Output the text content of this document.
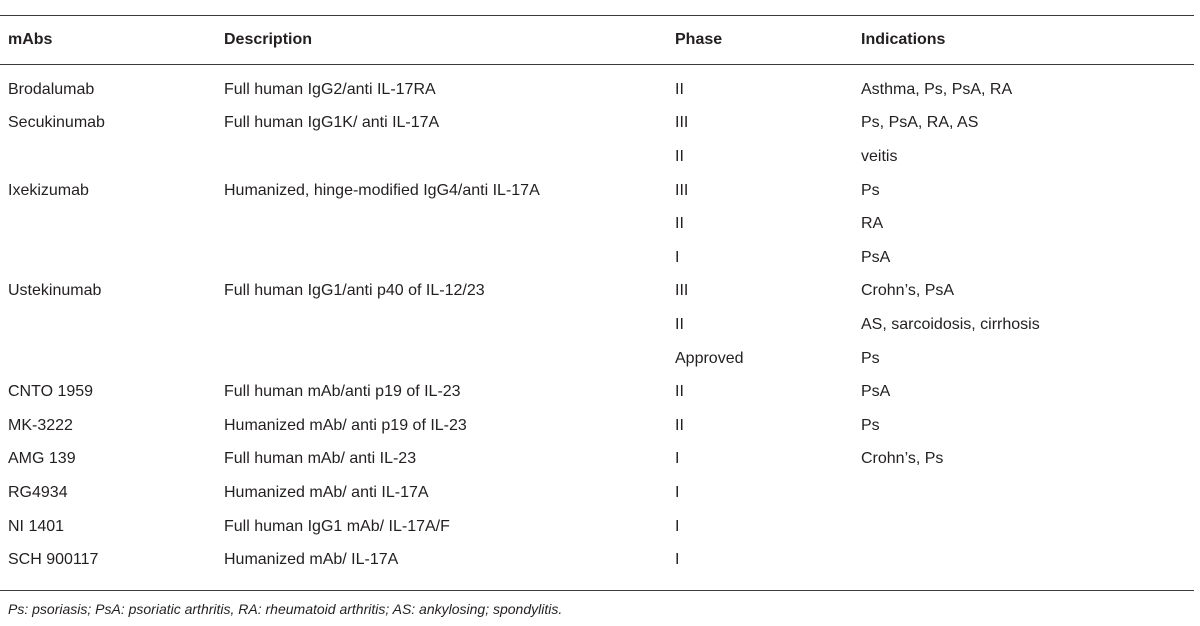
mAbs	Description	Phase	Indications
Brodalumab	Full human IgG2/anti IL-17RA	II	Asthma, Ps, PsA, RA
Secukinumab	Full human IgG1K/ anti IL-17A	III	Ps, PsA, RA, AS
		II	veitis
Ixekizumab	Humanized, hinge-modified IgG4/anti IL-17A	III	Ps
		II	RA
		I	PsA
Ustekinumab	Full human IgG1/anti p40 of IL-12/23	III	Crohn’s, PsA
		II	AS, sarcoidosis, cirrhosis
		Approved	Ps
CNTO 1959	Full human mAb/anti p19 of IL-23	II	PsA
MK-3222	Humanized mAb/ anti p19 of IL-23	II	Ps
AMG 139	Full human mAb/ anti IL-23	I	Crohn’s, Ps
RG4934	Humanized mAb/ anti IL-17A	I	
NI 1401	Full human IgG1 mAb/ IL-17A/F	I	
SCH 900117	Humanized mAb/ IL-17A	I	
Ps: psoriasis; PsA: psoriatic arthritis, RA: rheumatoid arthritis; AS: ankylosing; spondylitis.
